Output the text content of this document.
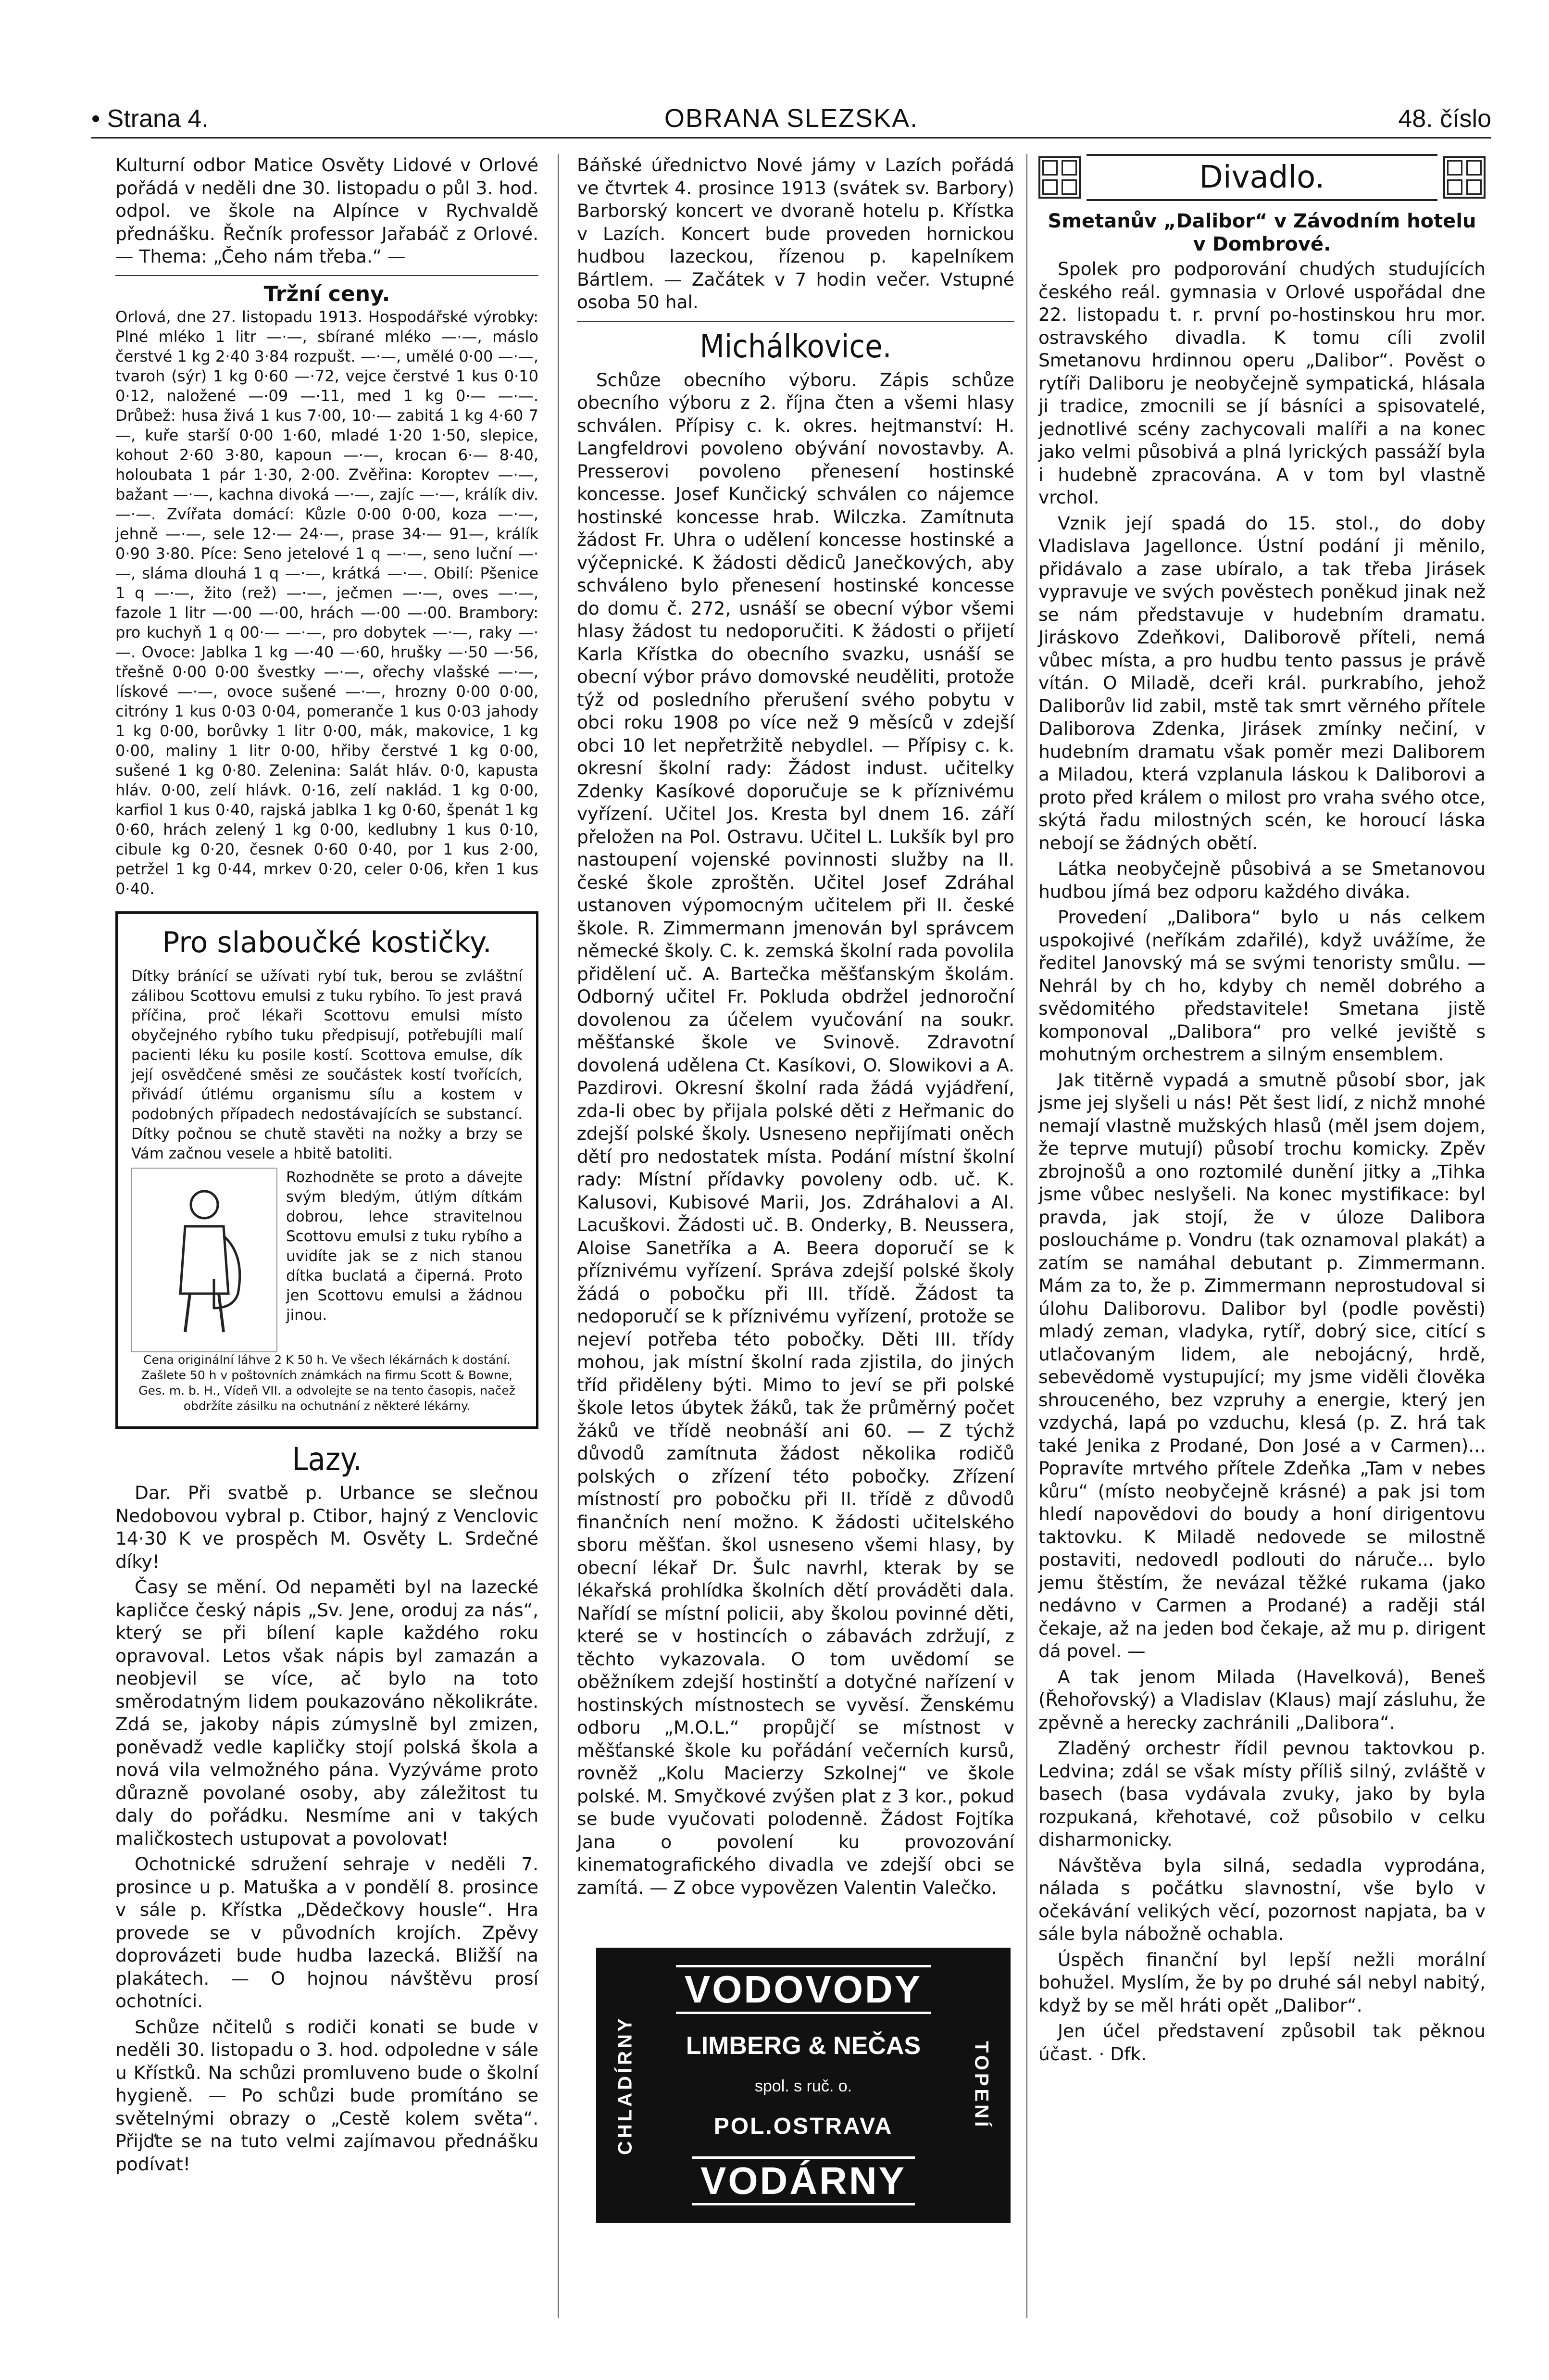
• Strana 4.	OBRANA SLEZSKA.	48. číslo

Kulturní odbor Matice Osvěty Lidové v Orlové pořádá v neděli dne 30. listopadu o půl 3. hod. odpol. ve škole na Alpínce v Rychvaldě přednášku. Řečník professor Jařabáč z Orlové. — Thema: „Čeho nám třeba.“ —

Tržní ceny.

Orlová, dne 27. listopadu 1913. Hospodářské výrobky: Plné mléko 1 litr —·—, sbírané mléko —·—, máslo čerstvé 1 kg 2·40 3·84 rozpušt. —·—, umělé 0·00 —·—, tvaroh (sýr) 1 kg 0·60 —·72, vejce čerstvé 1 kus 0·10 0·12, naložené —·09 —·11, med 1 kg 0·— —·—. Drůbež: husa živá 1 kus 7·00, 10·— zabitá 1 kg 4·60 7—, kuře starší 0·00 1·60, mladé 1·20 1·50, slepice, kohout 2·60 3·80, kapoun —·—, krocan 6·— 8·40, holoubata 1 pár 1·30, 2·00. Zvěřina: Koroptev —·—, bažant —·—, kachna divoká —·—, zajíc —·—, králík div. —·—. Zvířata domácí: Kůzle 0·00 0·00, koza —·—, jehně —·—, sele 12·— 24·—, prase 34·— 91—, králík 0·90 3·80. Píce: Seno jetelové 1 q —·—, seno luční —·—, sláma dlouhá 1 q —·—, krátká —·—. Obilí: Pšenice 1 q —·—, žito (rež) —·—, ječmen —·—, oves —·—, fazole 1 litr —·00 —·00, hrách —·00 —·00. Brambory: pro kuchyň 1 q 00·— —·—, pro dobytek —·—, raky —·—. Ovoce: Jablka 1 kg —·40 —·60, hrušky —·50 —·56, třešně 0·00 0·00 švestky —·—, ořechy vlašské —·—, lískové —·—, ovoce sušené —·—, hrozny 0·00 0·00, citróny 1 kus 0·03 0·04, pomeranče 1 kus 0·03 jahody 1 kg 0·00, borůvky 1 litr 0·00, mák, makovice, 1 kg 0·00, maliny 1 litr 0·00, hřiby čerstvé 1 kg 0·00, sušené 1 kg 0·80. Zelenina: Salát hláv. 0·0, kapusta hláv. 0·00, zelí hlávk. 0·16, zelí naklád. 1 kg 0·00, karfiol 1 kus 0·40, rajská jablka 1 kg 0·60, špenát 1 kg 0·60, hrách zelený 1 kg 0·00, kedlubny 1 kus 0·10, cibule kg 0·20, česnek 0·60 0·40, por 1 kus 2·00, petržel 1 kg 0·44, mrkev 0·20, celer 0·06, křen 1 kus 0·40.

Pro slaboučké kostičky.

Dítky bránící se užívati rybí tuk, berou se zvláštní zálibou Scottovu emulsi z tuku rybího. To jest pravá příčina, proč lékaři Scottovu emulsi místo obyčejného rybího tuku předpisují, potřebujíli malí pacienti léku ku posile kostí. Scottova emulse, dík její osvědčené směsi ze součástek kostí tvořících, přivádí útlému organismu sílu a kostem v podobných případech nedostávajících se substancí. Dítky počnou se chutě stavěti na nožky a brzy se Vám začnou vesele a hbitě batoliti.

Rozhodněte se proto a dávejte svým bledým, útlým dítkám dobrou, lehce stravitelnou Scottovu emulsi z tuku rybího a uvidíte jak se z nich stanou dítka buclatá a čiperná. Proto jen Scottovu emulsi a žádnou jinou.

Cena originální láhve 2 K 50 h. Ve všech lékárnách k dostání. Zašlete 50 h v poštovních známkách na firmu Scott & Bowne, Ges. m. b. H., Vídeň VII. a odvolejte se na tento časopis, načež obdržíte zásilku na ochutnání z některé lékárny.

Lazy.

Dar. Při svatbě p. Urbance se slečnou Nedobovou vybral p. Ctibor, hajný z Venclovic 14·30 K ve prospěch M. Osvěty L. Srdečné díky!

Časy se mění. Od nepaměti byl na lazecké kapličce český nápis „Sv. Jene, oroduj za nás“, který se při bílení kaple každého roku opravoval. Letos však nápis byl zamazán a neobjevil se více, ač bylo na toto směrodatným lidem poukazováno několikráte. Zdá se, jakoby nápis zúmyslně byl zmizen, poněvadž vedle kapličky stojí polská škola a nová vila velmožného pána. Vyzýváme proto důrazně povolané osoby, aby záležitost tu daly do pořádku. Nesmíme ani v takých maličkostech ustupovat a povolovat!

Ochotnické sdružení sehraje v neděli 7. prosince u p. Matuška a v pondělí 8. prosince v sále p. Křístka „Dědečkovy housle“. Hra provede se v původních krojích. Zpěvy doprovázeti bude hudba lazecká. Bližší na plakátech. — O hojnou návštěvu prosí ochotníci.

Schůze nčitelů s rodiči konati se bude v neděli 30. listopadu o 3. hod. odpoledne v sále u Křístků. Na schůzi promluveno bude o školní hygieně. — Po schůzi bude promítáno se světelnými obrazy o „Cestě kolem světa“. Přijďte se na tuto velmi zajímavou přednášku podívat!

Báňské úřednictvo Nové jámy v Lazích pořádá ve čtvrtek 4. prosince 1913 (svátek sv. Barbory) Barborský koncert ve dvoraně hotelu p. Křístka v Lazích. Koncert bude proveden hornickou hudbou lazeckou, řízenou p. kapelníkem Bártlem. — Začátek v 7 hodin večer. Vstupné osoba 50 hal.

Michálkovice.

Schůze obecního výboru. Zápis schůze obecního výboru z 2. října čten a všemi hlasy schválen. Přípisy c. k. okres. hejtmanství: H. Langfeldrovi povoleno obývání novostavby. A. Presserovi povoleno přenesení hostinské koncesse. Josef Kunčický schválen co nájemce hostinské koncesse hrab. Wilczka. Zamítnuta žádost Fr. Uhra o udělení koncesse hostinské a výčepnické. K žádosti dědiců Janečkových, aby schváleno bylo přenesení hostinské koncesse do domu č. 272, usnáší se obecní výbor všemi hlasy žádost tu nedoporučiti. K žádosti o přijetí Karla Křístka do obecního svazku, usnáší se obecní výbor právo domovské neuděliti, protože týž od posledního přerušení svého pobytu v obci roku 1908 po více než 9 měsíců v zdejší obci 10 let nepřetržitě nebydlel. — Přípisy c. k. okresní školní rady: Žádost indust. učitelky Zdenky Kasíkové doporučuje se k příznivému vyřízení. Učitel Jos. Kresta byl dnem 16. září přeložen na Pol. Ostravu. Učitel L. Lukšík byl pro nastoupení vojenské povinnosti služby na II. české škole zproštěn. Učitel Josef Zdráhal ustanoven výpomocným učitelem při II. české škole. R. Zimmermann jmenován byl správcem německé školy. C. k. zemská školní rada povolila přidělení uč. A. Bartečka měšťanským školám. Odborný učitel Fr. Pokluda obdržel jednoroční dovolenou za účelem vyučování na soukr. měšťanské škole ve Svinově. Zdravotní dovolená udělena Ct. Kasíkovi, O. Slowikovi a A. Pazdirovi. Okresní školní rada žádá vyjádření, zda-li obec by přijala polské děti z Heřmanic do zdejší polské školy. Usneseno nepřijímati oněch dětí pro nedostatek místa. Podání místní školní rady: Místní přídavky povoleny odb. uč. K. Kalusovi, Kubisové Marii, Jos. Zdráhalovi a Al. Lacuškovi. Žádosti uč. B. Onderky, B. Neussera, Aloise Sanetříka a A. Beera doporučí se k příznivému vyřízení. Správa zdejší polské školy žádá o pobočku při III. třídě. Žádost ta nedoporučí se k příznivému vyřízení, protože se nejeví potřeba této pobočky. Děti III. třídy mohou, jak místní školní rada zjistila, do jiných tříd přiděleny býti. Mimo to jeví se při polské škole letos úbytek žáků, tak že průměrný počet žáků ve třídě neobnáší ani 60. — Z týchž důvodů zamítnuta žádost několika rodičů polských o zřízení této pobočky. Zřízení místností pro pobočku při II. třídě z důvodů finančních není možno. K žádosti učitelského sboru měšťan. škol usneseno všemi hlasy, by obecní lékař Dr. Šulc navrhl, kterak by se lékařská prohlídka školních dětí prováděti dala. Nařídí se místní policii, aby školou povinné děti, které se v hostincích o zábavách zdržují, z těchto vykazovala. O tom uvědomí se oběžníkem zdejší hostinští a dotyčné nařízení v hostinských místnostech se vyvěsí. Ženskému odboru „M.O.L.“ propůjčí se místnost v měšťanské škole ku pořádání večerních kursů, rovněž „Kolu Macierzy Szkolnej“ ve škole polské. M. Smyčkové zvýšen plat z 3 kor., pokud se bude vyučovati polodenně. Žádost Fojtíka Jana o povolení ku provozování kinematografického divadla ve zdejší obci se zamítá. — Z obce vypovězen Valentin Valečko.

CHLADÍRNY	TOPENÍ
VODOVODY
LIMBERG & NEČAS
spol. s ruč. o.
POL.OSTRAVA
VODÁRNY
Divadlo.
Smetanův „Dalibor“ v Závodním hotelu v Dombrové.

Spolek pro podporování chudých studujících českého reál. gymnasia v Orlové uspořádal dne 22. listopadu t. r. první po-hostinskou hru mor. ostravského divadla. K tomu cíli zvolil Smetanovu hrdinnou operu „Dalibor“. Pověst o rytíři Daliboru je neobyčejně sympatická, hlásala ji tradice, zmocnili se jí básníci a spisovatelé, jednotlivé scény zachycovali malíři a na konec jako velmi působivá a plná lyrických passáží byla i hudebně zpracována. A v tom byl vlastně vrchol.

Vznik její spadá do 15. stol., do doby Vladislava Jagellonce. Ústní podání ji měnilo, přidávalo a zase ubíralo, a tak třeba Jirásek vypravuje ve svých pověstech poněkud jinak než se nám představuje v hudebním dramatu. Jiráskovo Zdeňkovi, Daliborově příteli, nemá vůbec místa, a pro hudbu tento passus je právě vítán. O Miladě, dceři král. purkrabího, jehož Daliborův lid zabil, mstě tak smrt věrného přítele Daliborova Zdenka, Jirásek zmínky nečiní, v hudebním dramatu však poměr mezi Daliborem a Miladou, která vzplanula láskou k Daliborovi a proto před králem o milost pro vraha svého otce, skýtá řadu milostných scén, ke horoucí láska nebojí se žádných obětí.

Látka neobyčejně působivá a se Smetanovou hudbou jímá bez odporu každého diváka.

Provedení „Dalibora“ bylo u nás celkem uspokojivé (neříkám zdařilé), když uvážíme, že ředitel Janovský má se svými tenoristy smůlu. — Nehrál by ch ho, kdyby ch neměl dobrého a svědomitého představitele! Smetana jistě komponoval „Dalibora“ pro velké jeviště s mohutným orchestrem a silným ensemblem.

Jak titěrně vypadá a smutně působí sbor, jak jsme jej slyšeli u nás! Pět šest lidí, z nichž mnohé nemají vlastně mužských hlasů (měl jsem dojem, že teprve mutují) působí trochu komicky. Zpěv zbrojnošů a ono roztomilé dunění jitky a „Tihka jsme vůbec neslyšeli. Na konec mystifikace: byl pravda, jak stojí, že v úloze Dalibora posloucháme p. Vondru (tak oznamoval plakát) a zatím se namáhal debutant p. Zimmermann. Mám za to, že p. Zimmermann neprostudoval si úlohu Daliborovu. Dalibor byl (podle pověsti) mladý zeman, vladyka, rytíř, dobrý sice, citící s utlačovaným lidem, ale nebojácný, hrdě, sebevědomě vystupující; my jsme viděli člověka shrouceného, bez vzpruhy a energie, který jen vzdychá, lapá po vzduchu, klesá (p. Z. hrá tak také Jenika z Prodané, Don José a v Carmen)... Popravíte mrtvého přítele Zdeňka „Tam v nebes kůru“ (místo neobyčejně krásné) a pak jsi tom hledí napovědovi do boudy a honí dirigentovu taktovku. K Miladě nedovede se milostně postaviti, nedovedl podlouti do náruče... bylo jemu štěstím, že nevázal těžké rukama (jako nedávno v Carmen a Prodané) a raději stál čekaje, až na jeden bod čekaje, až mu p. dirigent dá povel. —

A tak jenom Milada (Havelková), Beneš (Řehořovský) a Vladislav (Klaus) mají zásluhu, že zpěvně a herecky zachránili „Dalibora“.

Zladěný orchestr řídil pevnou taktovkou p. Ledvina; zdál se však místy příliš silný, zvláště v basech (basa vydávala zvuky, jako by byla rozpukaná, křehotavé, což působilo v celku disharmonicky.

Návštěva byla silná, sedadla vyprodána, nálada s počátku slavnostní, vše bylo v očekávání velikých věcí, pozornost napjata, ba v sále byla nábožně ochabla.

Úspěch finanční byl lepší nežli morální bohužel. Myslím, že by po druhé sál nebyl nabitý, když by se měl hráti opět „Dalibor“.

Jen účel představení způsobil tak pěknou účast. · Dfk.
